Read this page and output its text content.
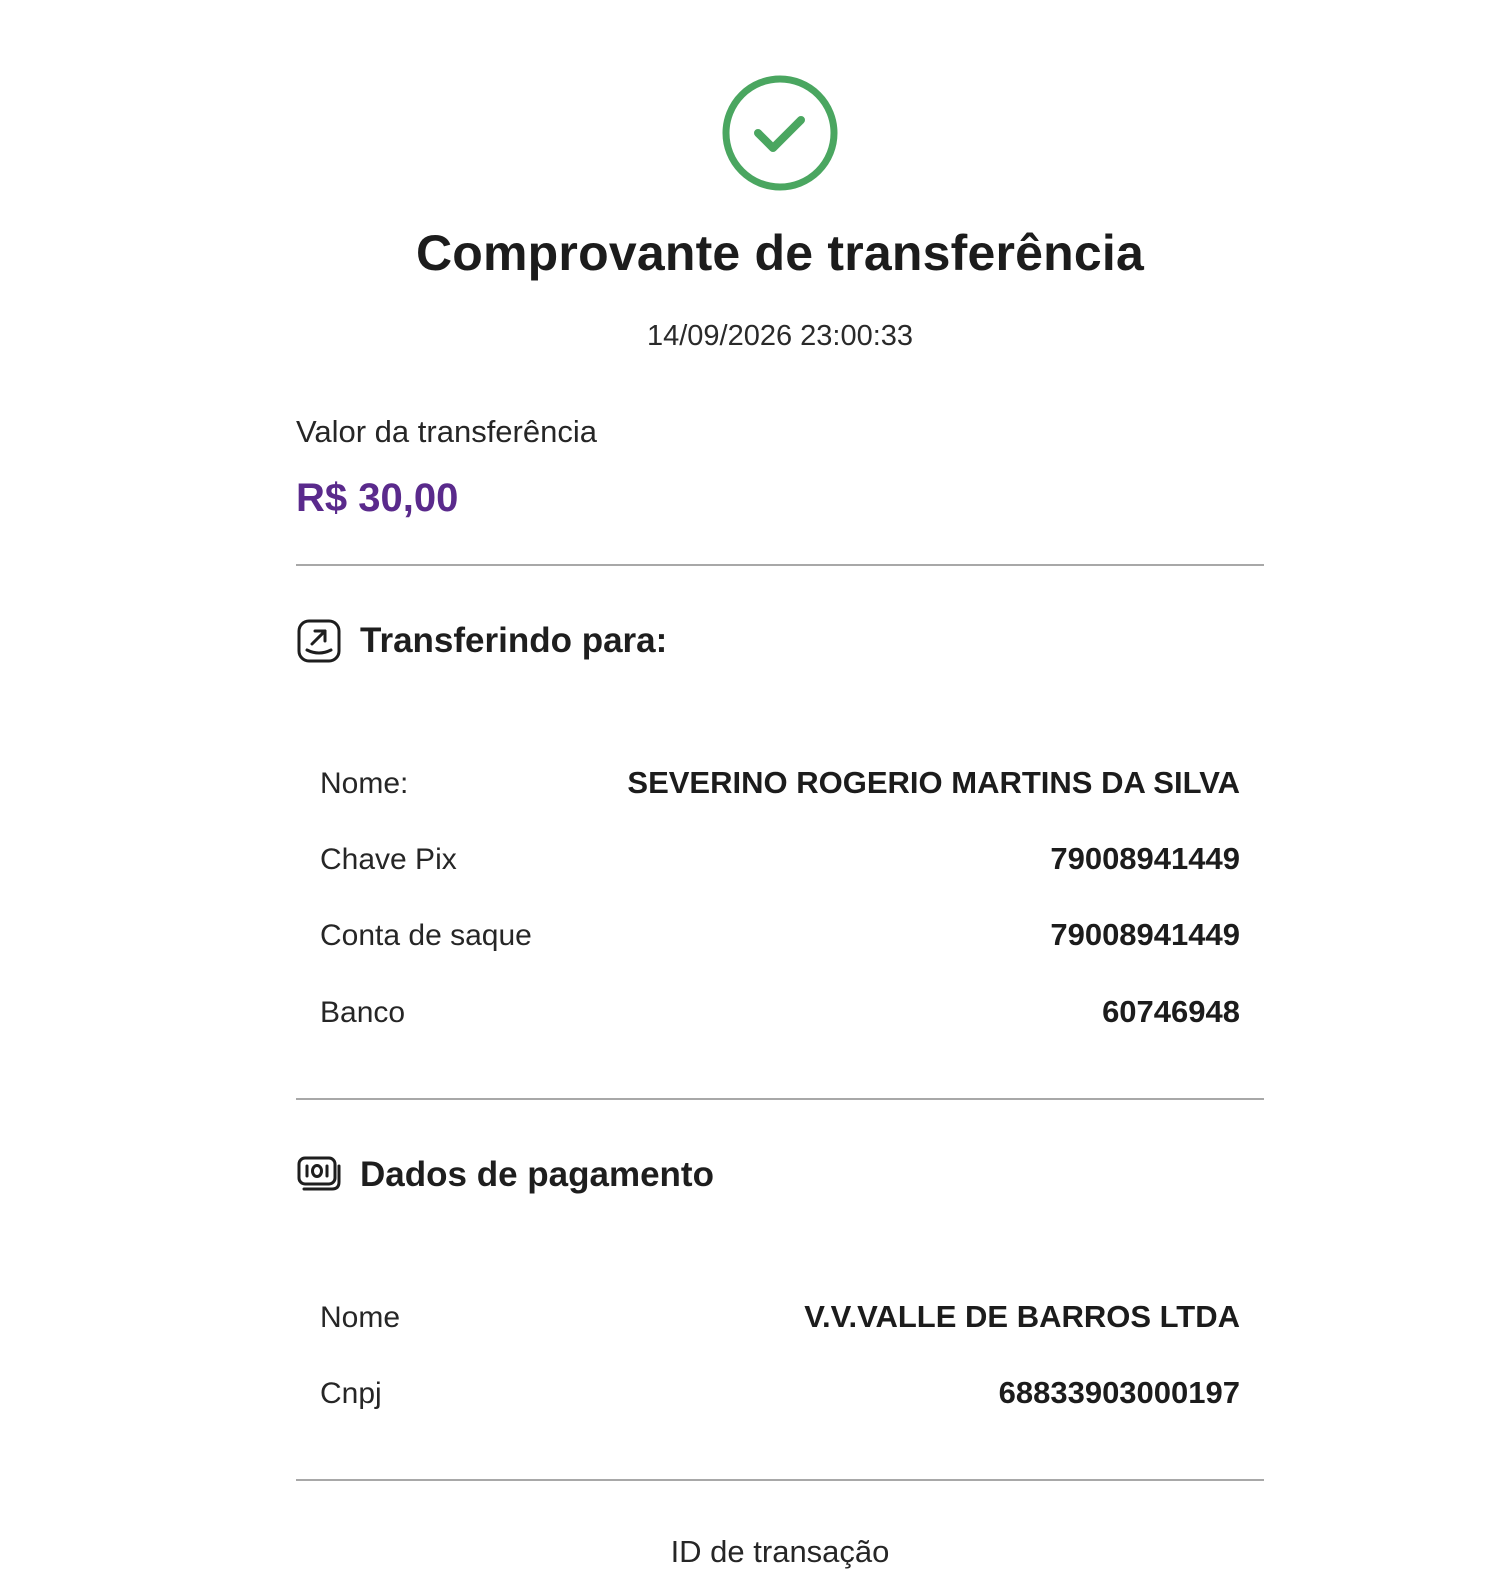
Comprovante de transferência
14/09/2026 23:00:33
Valor da transferência
R$ 30,00
Transferindo para:
Nome:	SEVERINO ROGERIO MARTINS DA SILVA
Chave Pix	79008941449
Conta de saque	79008941449
Banco	60746948
Dados de pagamento
Nome	V.V.VALLE DE BARROS LTDA
Cnpj	68833903000197
ID de transação
